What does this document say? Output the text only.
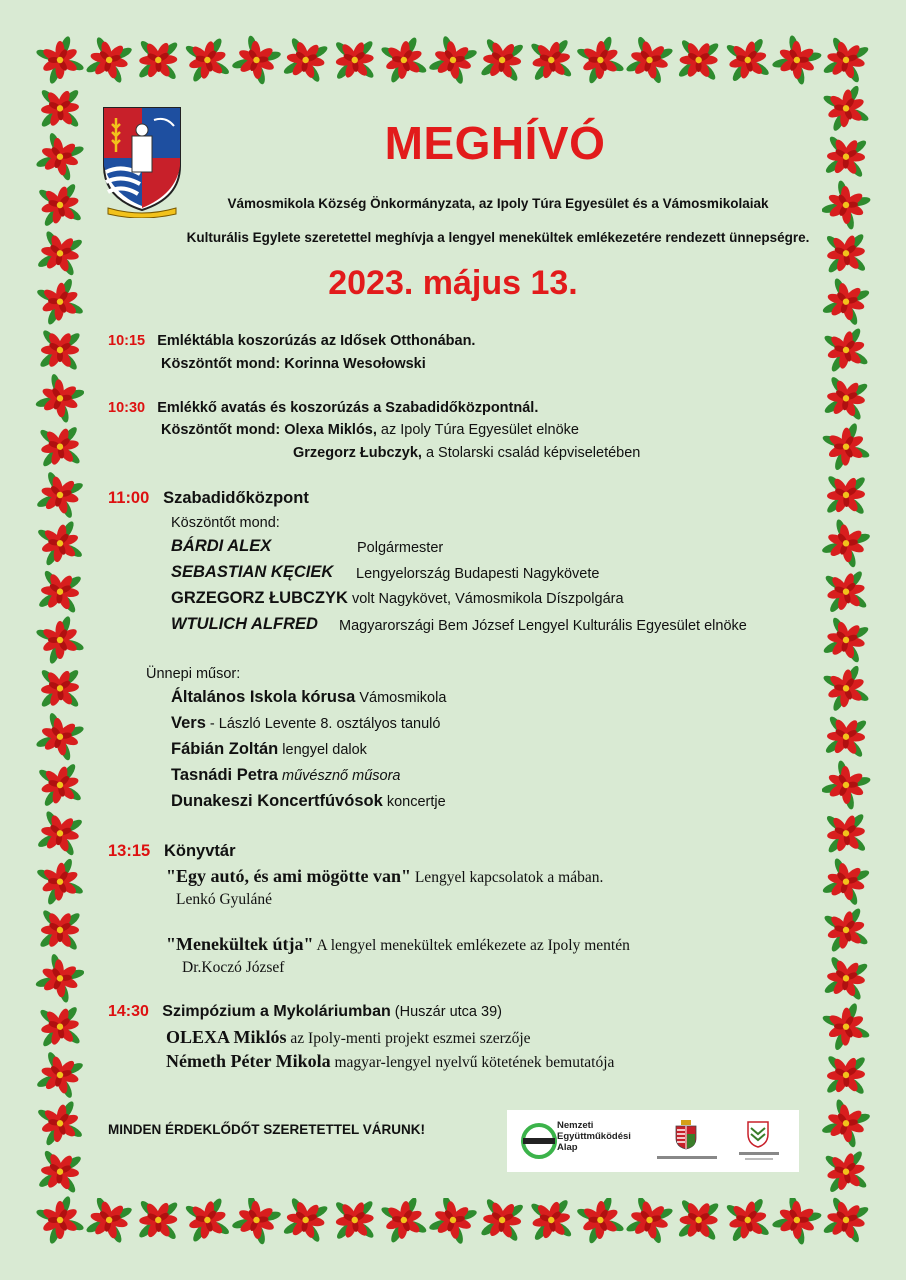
MEGHÍVÓ
Vámosmikola Község Önkormányzata, az Ipoly Túra Egyesület és a Vámosmikolaiak
Kulturális Egylete szeretettel meghívja a lengyel menekültek emlékezetére rendezett ünnepségre.
2023. május 13.
10:15 Emléktábla koszorúzás az Idősek Otthonában.
Köszöntőt mond: Korinna Wesołowski
10:30 Emlékkő avatás és koszorúzás a Szabadidőközpontnál.
Köszöntőt mond: Olexa Miklós, az Ipoly Túra Egyesület elnöke
Grzegorz Łubczyk, a Stolarski család képviseletében
11:00 Szabadidőközpont
Köszöntőt mond:
BÁRDI ALEX	Polgármester
SEBASTIAN KĘCIEK Lengyelország Budapesti Nagykövete
GRZEGORZ ŁUBCZYK volt Nagykövet, Vámosmikola Díszpolgára
WTULICH ALFRED Magyarországi Bem József Lengyel Kulturális Egyesület elnöke
Ünnepi műsor:
Általános Iskola kórusa Vámosmikola
Vers - László Levente 8. osztályos tanuló
Fábián Zoltán lengyel dalok
Tasnádi Petra művésznő műsora
Dunakeszi Koncertfúvósok koncertje
13:15 Könyvtár
"Egy autó, és ami mögötte van" Lengyel kapcsolatok a mában.
Lenkó Gyuláné
"Menekültek útja" A lengyel menekültek emlékezete az Ipoly mentén
Dr.Koczó József
14:30 Szimpózium a Mykoláriumban (Huszár utca 39)
OLEXA Miklós az Ipoly-menti projekt eszmei szerzője
Németh Péter Mikola magyar-lengyel nyelvű kötetének bemutatója
MINDEN ÉRDEKLŐDŐT SZERETETTEL VÁRUNK!	Nemzeti
Együttműködési
Alap
